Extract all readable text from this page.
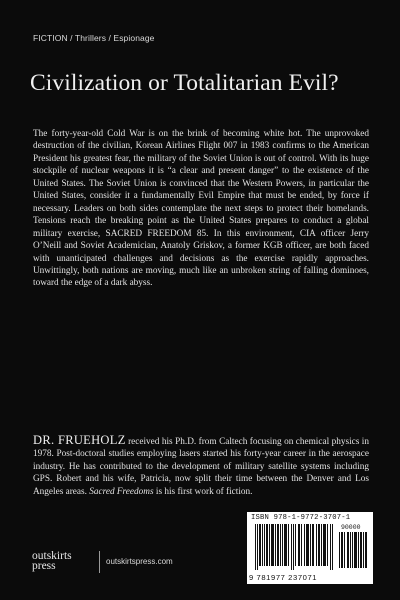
FICTION / Thrillers / Espionage
Civilization or Totalitarian Evil?

The forty-year-old Cold War is on the brink of becoming white hot. The unprovoked destruction of the civilian, Korean Airlines Flight 007 in 1983 confirms to the American President his greatest fear, the military of the Soviet Union is out of control. With its huge stockpile of nuclear weapons it is “a clear and present danger” to the existence of the United States. The Soviet Union is convinced that the Western Powers, in particular the United States, consider it a fundamentally Evil Empire that must be ended, by force if necessary. Leaders on both sides contemplate the next steps to protect their homelands. Tensions reach the breaking point as the United States prepares to conduct a global military exercise, SACRED FREEDOM 85. In this environment, CIA officer Jerry O’Neill and Soviet Academician, Anatoly Griskov, a former KGB officer, are both faced with unanticipated challenges and decisions as the exercise rapidly approaches. Unwittingly, both nations are moving, much like an unbroken string of falling dominoes, toward the edge of a dark abyss.

DR. FRUEHOLZ received his Ph.D. from Caltech focusing on chemical physics in 1978. Post-doctoral studies employing lasers started his forty-year career in the aerospace industry. He has contributed to the development of military satellite systems including GPS. Robert and his wife, Patricia, now split their time between the Denver and Los Angeles areas. Sacred Freedoms is his first work of fiction.

ISBN 978-1-9772-3707-1
90000
9 781977 237071
outskirts
press	outskirtspress.com
